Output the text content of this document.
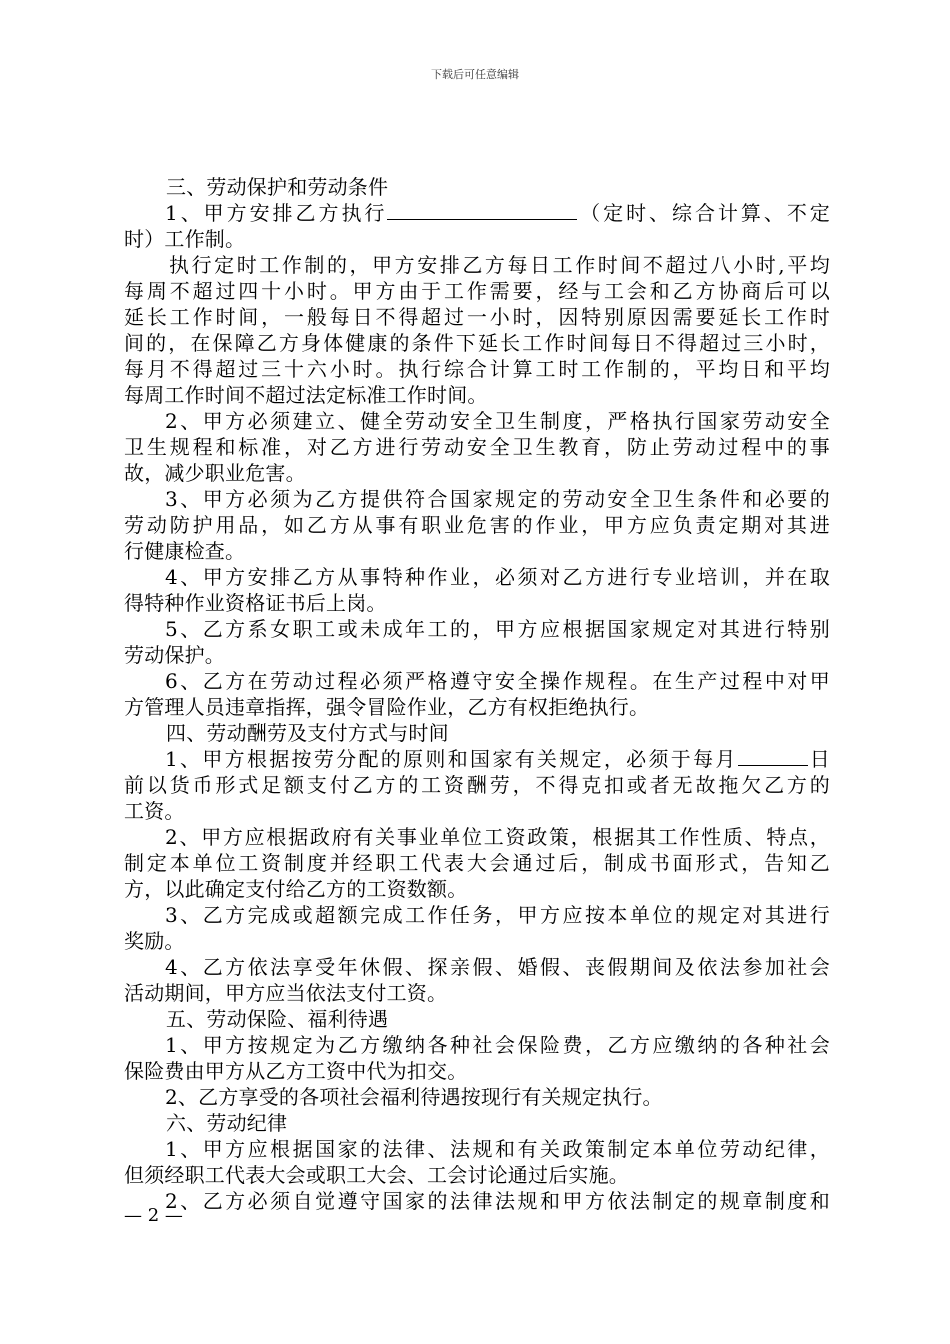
下载后可任意编辑
三、劳动保护和劳动条件
1、甲方安排乙方执行	（定时、综合计算、不定
时）工作制。
执行定时工作制的，甲方安排乙方每日工作时间不超过八小时,平均
每周不超过四十小时。甲方由于工作需要，经与工会和乙方协商后可以
延长工作时间，一般每日不得超过一小时，因特别原因需要延长工作时
间的，在保障乙方身体健康的条件下延长工作时间每日不得超过三小时，
每月不得超过三十六小时。执行综合计算工时工作制的，平均日和平均
每周工作时间不超过法定标准工作时间。
2、甲方必须建立、健全劳动安全卫生制度，严格执行国家劳动安全
卫生规程和标准，对乙方进行劳动安全卫生教育，防止劳动过程中的事
故，减少职业危害。
3、甲方必须为乙方提供符合国家规定的劳动安全卫生条件和必要的
劳动防护用品，如乙方从事有职业危害的作业，甲方应负责定期对其进
行健康检查。
4、甲方安排乙方从事特种作业，必须对乙方进行专业培训，并在取
得特种作业资格证书后上岗。
5、乙方系女职工或未成年工的，甲方应根据国家规定对其进行特别
劳动保护。
6、乙方在劳动过程必须严格遵守安全操作规程。在生产过程中对甲
方管理人员违章指挥，强令冒险作业，乙方有权拒绝执行。
四、劳动酬劳及支付方式与时间
1、甲方根据按劳分配的原则和国家有关规定，必须于每月	日
前以货币形式足额支付乙方的工资酬劳，不得克扣或者无故拖欠乙方的
工资。
2、甲方应根据政府有关事业单位工资政策，根据其工作性质、特点，
制定本单位工资制度并经职工代表大会通过后，制成书面形式，告知乙
方，以此确定支付给乙方的工资数额。
3、乙方完成或超额完成工作任务，甲方应按本单位的规定对其进行
奖励。
4、乙方依法享受年休假、探亲假、婚假、丧假期间及依法参加社会
活动期间，甲方应当依法支付工资。
五、劳动保险、福利待遇
1、甲方按规定为乙方缴纳各种社会保险费，乙方应缴纳的各种社会
保险费由甲方从乙方工资中代为扣交。
2、乙方享受的各项社会福利待遇按现行有关规定执行。
六、劳动纪律
1、甲方应根据国家的法律、法规和有关政策制定本单位劳动纪律，
但须经职工代表大会或职工大会、工会讨论通过后实施。
2、乙方必须自觉遵守国家的法律法规和甲方依法制定的规章制度和
— 2 —
